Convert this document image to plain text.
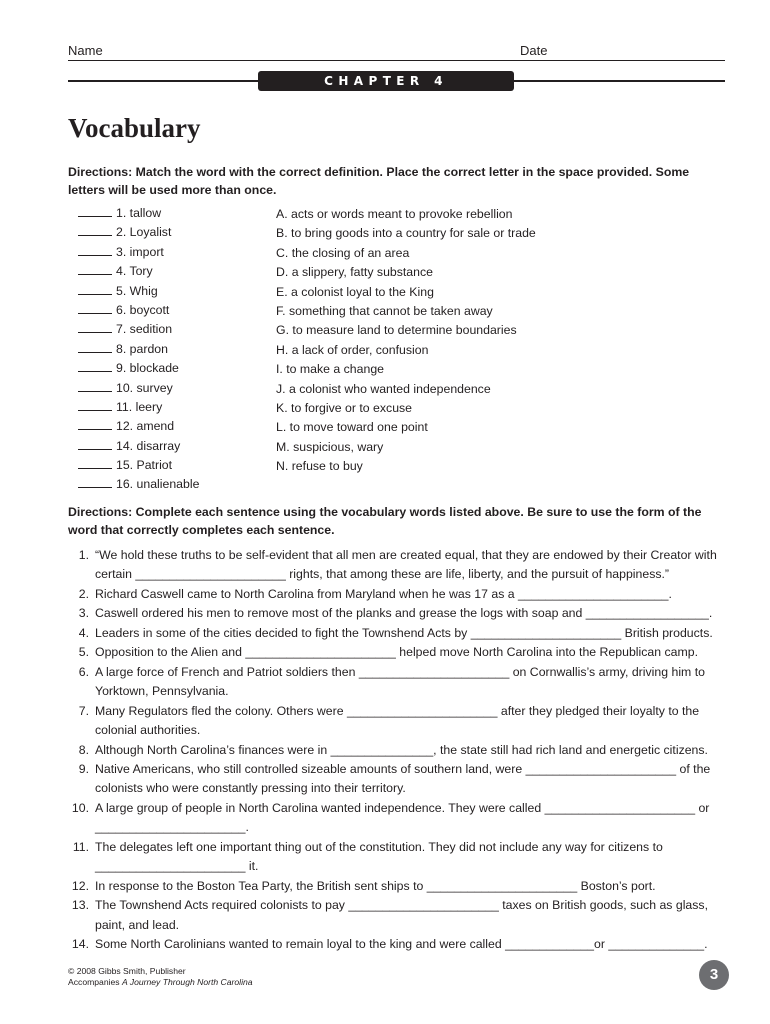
Name	Date
CHAPTER 4 WORKSHEET
Vocabulary
Directions: Match the word with the correct definition. Place the correct letter in the space provided. Some letters will be used more than once.
1. tallow
2. Loyalist
3. import
4. Tory
5. Whig
6. boycott
7. sedition
8. pardon
9. blockade
10. survey
11. leery
12. amend
14. disarray
15. Patriot
16. unalienable
A. acts or words meant to provoke rebellion
B. to bring goods into a country for sale or trade
C. the closing of an area
D. a slippery, fatty substance
E. a colonist loyal to the King
F. something that cannot be taken away
G. to measure land to determine boundaries
H. a lack of order, confusion
I. to make a change
J. a colonist who wanted independence
K. to forgive or to excuse
L. to move toward one point
M. suspicious, wary
N. refuse to buy
Directions: Complete each sentence using the vocabulary words listed above. Be sure to use the form of the word that correctly completes each sentence.
1. “We hold these truths to be self-evident that all men are created equal, that they are endowed by their Creator with certain ______________________ rights, that among these are life, liberty, and the pursuit of happiness.”
2. Richard Caswell came to North Carolina from Maryland when he was 17 as a ______________________.
3. Caswell ordered his men to remove most of the planks and grease the logs with soap and __________________.
4. Leaders in some of the cities decided to fight the Townshend Acts by ______________________ British products.
5. Opposition to the Alien and ______________________ helped move North Carolina into the Republican camp.
6. A large force of French and Patriot soldiers then ______________________ on Cornwallis’s army, driving him to Yorktown, Pennsylvania.
7. Many Regulators fled the colony. Others were ______________________ after they pledged their loyalty to the colonial authorities.
8. Although North Carolina’s finances were in _______________, the state still had rich land and energetic citizens.
9. Native Americans, who still controlled sizeable amounts of southern land, were ______________________ of the colonists who were constantly pressing into their territory.
10. A large group of people in North Carolina wanted independence. They were called ______________________ or ______________________.
11. The delegates left one important thing out of the constitution. They did not include any way for citizens to ______________________ it.
12. In response to the Boston Tea Party, the British sent ships to ______________________ Boston’s port.
13. The Townshend Acts required colonists to pay ______________________ taxes on British goods, such as glass, paint, and lead.
14. Some North Carolinians wanted to remain loyal to the king and were called _____________or ______________.
© 2008 Gibbs Smith, Publisher
Accompanies A Journey Through North Carolina	3
